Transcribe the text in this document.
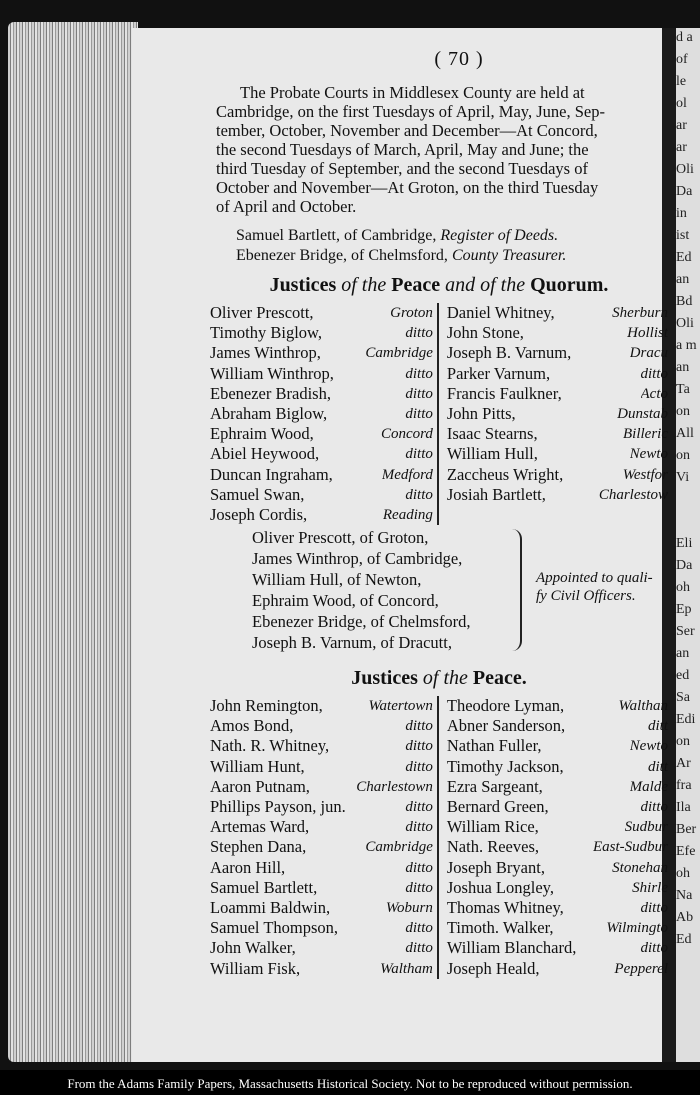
d a
of
le
ol
ar
ar
Oli
Da
in
ist
Ed
an
Bd
Oli
a m
an
Ta
on
All
on
Vi
Eli
Da
oh
Ep
Ser
an
ed
Sa
Edi
on
Ar
fra
Ila
Ber
Efe
oh
Na
Ab
Ed
( 70 )
The Probate Courts in Middlesex County are held at
Cambridge, on the first Tuesdays of April, May, June, Sep-
tember, October, November and December—At Concord,
the second Tuesdays of March, April, May and June; the
third Tuesday of September, and the second Tuesdays of
October and November—At Groton, on the third Tuesday
of April and October.
Samuel Bartlett, of Cambridge, Register of Deeds.
Ebenezer Bridge, of Chelmsford, County Treasurer.
Justices of the Peace and of the Quorum.
Oliver Prescott,	Groton
Timothy Biglow,	ditto
James Winthrop,	Cambridge
William Winthrop,	ditto
Ebenezer Bradish,	ditto
Abraham Biglow,	ditto
Ephraim Wood,	Concord
Abiel Heywood,	ditto
Duncan Ingraham,	Medford
Samuel Swan,	ditto
Joseph Cordis,	Reading
Daniel Whitney,	Sherburn
John Stone,	Hollist
Joseph B. Varnum,	Dracu
Parker Varnum,	ditto
Francis Faulkner,	Acto
John Pitts,	Dunstab
Isaac Stearns,	Billeric
William Hull,	Newto
Zaccheus Wright,	Westfor
Josiah Bartlett,	Charlestow
Oliver Prescott, of Groton,
James Winthrop, of Cambridge,
William Hull, of Newton,
Ephraim Wood, of Concord,
Ebenezer Bridge, of Chelmsford,
Joseph B. Varnum, of Dracutt,
Appointed to quali-
fy Civil Officers.
Justices of the Peace.
John Remington,	Watertown
Amos Bond,	ditto
Nath. R. Whitney,	ditto
William Hunt,	ditto
Aaron Putnam,	Charlestown
Phillips Payson, jun.	ditto
Artemas Ward,	ditto
Stephen Dana,	Cambridge
Aaron Hill,	ditto
Samuel Bartlett,	ditto
Loammi Baldwin,	Woburn
Samuel Thompson,	ditto
John Walker,	ditto
William Fisk,	Waltham
Theodore Lyman,	Walthan
Abner Sanderson,	ditt
Nathan Fuller,	Newto
Timothy Jackson,	ditt
Ezra Sargeant,	Malde
Bernard Green,	ditto
William Rice,	Sudbur
Nath. Reeves,	East-Sudbur
Joseph Bryant,	Stonehan
Joshua Longley,	Shirle
Thomas Whitney,	ditto
Timoth. Walker,	Wilmingto
William Blanchard,	ditto
Joseph Heald,	Pepperel
From the Adams Family Papers, Massachusetts Historical Society. Not to be reproduced without permission.
